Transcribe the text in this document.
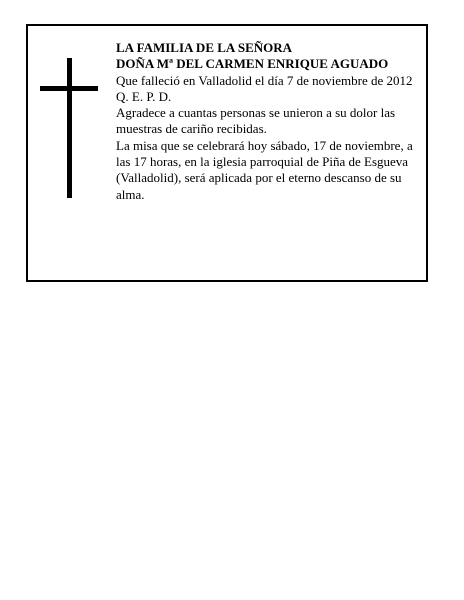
LA FAMILIA DE LA SEÑORA

DOÑA Mª DEL CARMEN ENRIQUE AGUADO

Que falleció en Valladolid el día 7 de noviembre de 2012

Q. E. P. D.

Agradece a cuantas personas se unieron a su dolor las muestras de cariño recibidas.

La misa que se celebrará hoy sábado, 17 de noviembre, a las 17 horas, en la iglesia parroquial de Piña de Esgueva (Valladolid), será aplicada por el eterno descanso de su alma.
